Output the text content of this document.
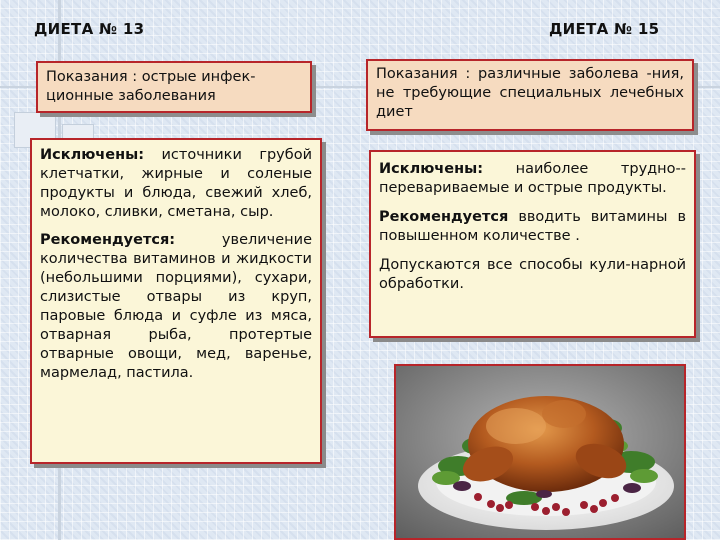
ДИЕТА № 13	ДИЕТА № 15
Показания : острые инфек-ционные заболевания
Исключены: источники грубой клетчатки, жирные и соленые продукты и блюда, свежий хлеб, молоко, сливки, сметана, сыр.
Рекомендуется: увеличение количества витаминов и жидкости (небольшими порциями), сухари, слизистые отвары из круп, паровые блюда и суфле из мяса, отварная рыба, протертые отварные овощи, мед, варенье, мармелад, пастила.
Показания : различные заболева -ния, не требующие специальных лечебных диет
Исключены: наиболее трудно--перевариваемые и острые продукты.
Рекомендуется вводить витамины в повышенном количестве .
Допускаются все способы кули-нарной обработки.
